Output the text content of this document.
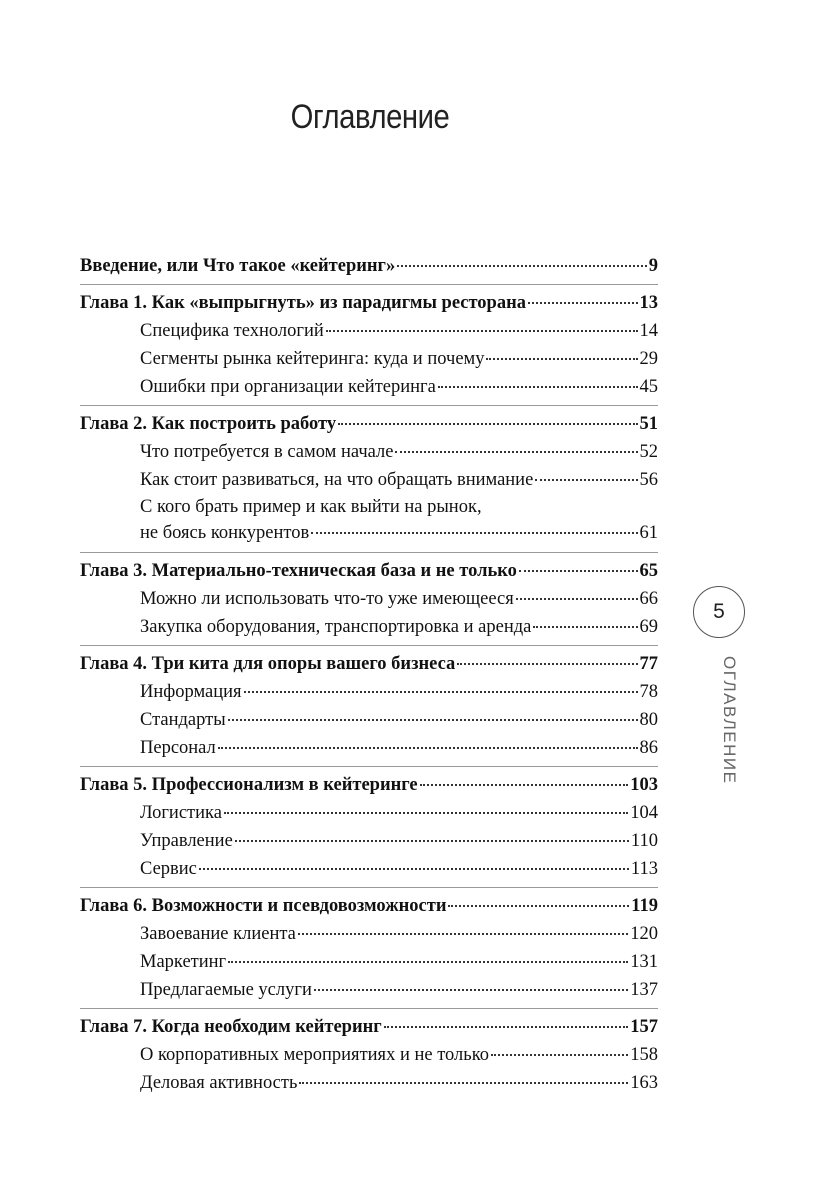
Оглавление
Введение, или Что такое «кейтеринг»	9
Глава 1. Как «выпрыгнуть» из парадигмы ресторана	13
Специфика технологий	14
Сегменты рынка кейтеринга: куда и почему	29
Ошибки при организации кейтеринга	45
Глава 2. Как построить работу	51
Что потребуется в самом начале	52
Как стоит развиваться, на что обращать внимание	56
С кого брать пример и как выйти на рынок,
не боясь конкурентов	61
Глава 3. Материально-техническая база и не только	65
Можно ли использовать что-то уже имеющееся	66
Закупка оборудования, транспортировка и аренда	69
Глава 4. Три кита для опоры вашего бизнеса	77
Информация	78
Стандарты	80
Персонал	86
Глава 5. Профессионализм в кейтеринге	103
Логистика	104
Управление	110
Сервис	113
Глава 6. Возможности и псевдовозможности	119
Завоевание клиента	120
Маркетинг	131
Предлагаемые услуги	137
Глава 7. Когда необходим кейтеринг	157
О корпоративных мероприятиях и не только	158
Деловая активность	163
5
ОГЛАВЛЕНИЕ
